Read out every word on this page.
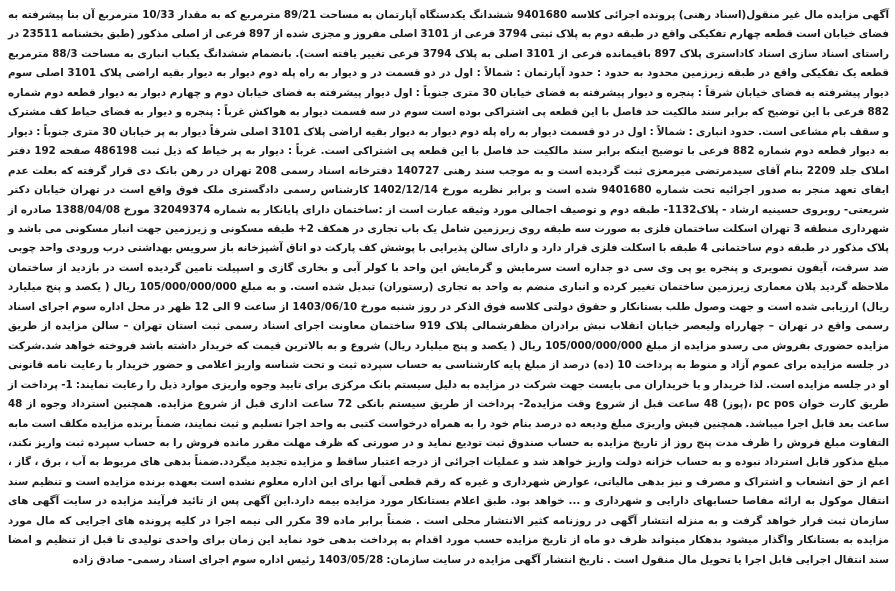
آگهی مزایده مال غیر منقول(اسناد رهنی) پرونده اجرائی کلاسه 9401680 ششدانگ یکدستگاه آپارتمان به مساحت 89/21 مترمربع که به مقدار 10/33 مترمربع آن بنا پیشرفته به فضای خیابان است قطعه چهارم تفکیکی واقع در طبقه دوم به پلاک ثبتی 3794 فرعی از 3101 اصلی مفروز و مجزی شده از 897 فرعی از اصلی مذکور (طبق بخشنامه 23511 در راستای اسناد سازی اسناد کاداستری پلاک 897 باقیمانده فرعی از 3101 اصلی به پلاک 3794 فرعی تغییر یافته است). بانضمام ششدانگ یکباب انباری به مساحت 88/3 مترمربع قطعه یک تفکیکی واقع در طبقه زیرزمین محدود به حدود : حدود آپارتمان : شمالاً : اول در دو قسمت در و دیوار به راه پله دوم دیوار به دیوار بقیه اراضی پلاک 3101 اصلی سوم دیوار پیشرفته به فضای خیابان شرقاً : پنجره و دیوار پیشرفته به فضای خیابان 30 متری جنوباً : اول دیوار پیشرفته به فضای خیابان دوم و چهارم دیوار به دیوار قطعه دوم شماره 882 فرعی با این توضیح که برابر سند مالکیت حد فاصل با این قطعه پی اشتراکی بوده است سوم در سه قسمت دیوار به هواکش غرباً : پنجره و دیوار به فضای حیاط کف مشترک و سقف بام مشاعی است. حدود انباری : شمالاً : اول در دو قسمت دیوار به راه پله دوم دیوار به دیوار بقیه اراضی پلاک 3101 اصلی شرقاً دیوار به پر خیابان 30 متری جنوباً : دیوار به دیوار قطعه دوم شماره 882 فرعی با توضیح اینکه برابر سند مالکیت حد فاصل با این قطعه پی اشتراکی است. غرباً : دیوار به پر خیاط که ذیل ثبت 486198 صفحه 192 دفتر املاک جلد 2209 بنام آقای سیدمرتضی میرمعزی ثبت گردیده است و به موجب سند رهنی 140727 دفترخانه اسناد رسمی 208 تهران در رهن بانک دی قرار گرفته که بعلت عدم ایفای تعهد منجر به صدور اجرائیه تحت شماره 9401680 شده است و برابر نظریه مورخ 1402/12/14 کارشناس رسمی دادگستری ملک فوق واقع است در تهران خیابان دکتر شریعتی- روبروی حسینیه ارشاد - پلاک1132- طبقه دوم و توصیف اجمالی مورد وثیقه عبارت است از :ساختمان دارای پایانکار به شماره 32049374 مورخ 1388/04/08 صادره از شهرداری منطقه 3 تهران اسکلت ساختمان فلزی به صورت سه طبقه روی زیرزمین شامل یک باب تجاری در همکف 2+ طبقه مسکونی و زیرزمین جهت انبار مسکونی می باشد و پلاک مذکور در طبقه دوم ساختمانی 4 طبقه با اسکلت فلزی قرار دارد و دارای سالن پذیرایی با پوشش کف پارکت دو اتاق آشپزخانه باز سرویس بهداشتی درب ورودی واحد چوبی ضد سرقت، آیفون تصویری و پنجره یو پی وی سی دو جداره است سرمایش و گرمایش این واحد با کولر آبی و بخاری گازی و اسپیلت تامین گردیده است در بازدید از ساختمان ملاحظه گردید پلان معماری زیرزمین ساختمان تغییر کرده و انباری منضم به واحد به تجاری (رستوران) تبدیل شده است. و به مبلغ 105/000/000/000 ریال ( یکصد و پنج میلیارد ریال) ارزیابی شده است و جهت وصول طلب بستانکار و حقوق دولتی کلاسه فوق الذکر در روز شنبه مورخ 1403/06/10 از ساعت 9 الی 12 ظهر در محل اداره سوم اجرای اسناد رسمی واقع در تهران – چهارراه ولیعصر خیابان انقلاب نبش برادران مظفرشمالی پلاک 919 ساختمان معاونت اجرای اسناد رسمی ثبت استان تهران – سالن مزایده از طریق مزایده حضوری بفروش می رسدو مزایده از مبلغ 105/000/000/000 ریال ( یکصد و پنج میلیارد ریال) شروع و به بالاترین قیمت که خریدار داشته باشد فروخته خواهد شد.شرکت در جلسه مزایده برای عموم آزاد و منوط به پرداخت 10 (ده) درصد از مبلغ پایه کارشناسی به حساب سپرده ثبت و تحت شناسه واریز اعلامی و حضور خریدار با رعایت نامه قانونی او در جلسه مزایده است. لذا خریدار و یا خریداران می بایست جهت شرکت در مزایده به دلیل سیستم بانک مرکزی برای تایید وجوه واریزی موارد ذیل را رعایت نمایند: 1- پرداخت از طریق کارت خوان pc pos ،(پوز) 48 ساعت قبل از شروع وقت مزایده2- پرداخت از طریق سیستم بانکی 72 ساعت اداری قبل از شروع مزایده. همچنین استرداد وجوه از 48 ساعت بعد قابل اجرا میباشد. همچنین فیش واریزی مبلغ ودیعه ده درصد بنام خود را به همراه درخواست کتبی به واحد اجرا تسلیم و ثبت نمایند، ضمناً برنده مزایده مکلف است مابه التفاوت مبلغ فروش را ظرف مدت پنج روز از تاریخ مزایده به حساب صندوق ثبت تودیع نماید و در صورتی که ظرف مهلت مقرر مانده فروش را به حساب سپرده ثبت واریز نکند، مبلغ مذکور قابل استرداد نبوده و به حساب خزانه دولت واریز خواهد شد و عملیات اجرائی از درجه اعتبار ساقط و مزایده تجدید میگردد.ضمناً بدهی های مربوط به آب ، برق ، گاز ، اعم از حق انشعاب و اشتراک و مصرف و نیز بدهی مالیاتی، عوارض شهرداری و غیره که رقم قطعی آنها برای این اداره معلوم نشده است بعهده برنده مزایده است و تنظیم سند انتقال موکول به ارائه مفاصا حسابهای دارایی و شهرداری و ... خواهد بود. طبق اعلام بستانکار مورد مزایده بیمه دارد.این آگهی پس از تائید فرآیند مزایده در سایت آگهی های سازمان ثبت قرار خواهد گرفت و به منزله انتشار آگهی در روزنامه کثیر الانتشار محلی است . ضمناً برابر ماده 39 مکرر الی نیمه اجرا در کلیه پرونده های اجرایی که مال مورد مزایده به بستانکار واگذار میشود بدهکار میتواند ظرف دو ماه از تاریخ مزایده حسب مورد اقدام به پرداخت بدهی خود نماید این زمان برای واحدی تولیدی تا قبل از تنظیم و امضا سند انتقال اجرایی قابل اجرا یا تحویل مال منقول است . تاریخ انتشار آگهی مزایده در سایت سازمان: 1403/05/28 رئیس اداره سوم اجرای اسناد رسمی- صادق زاده
